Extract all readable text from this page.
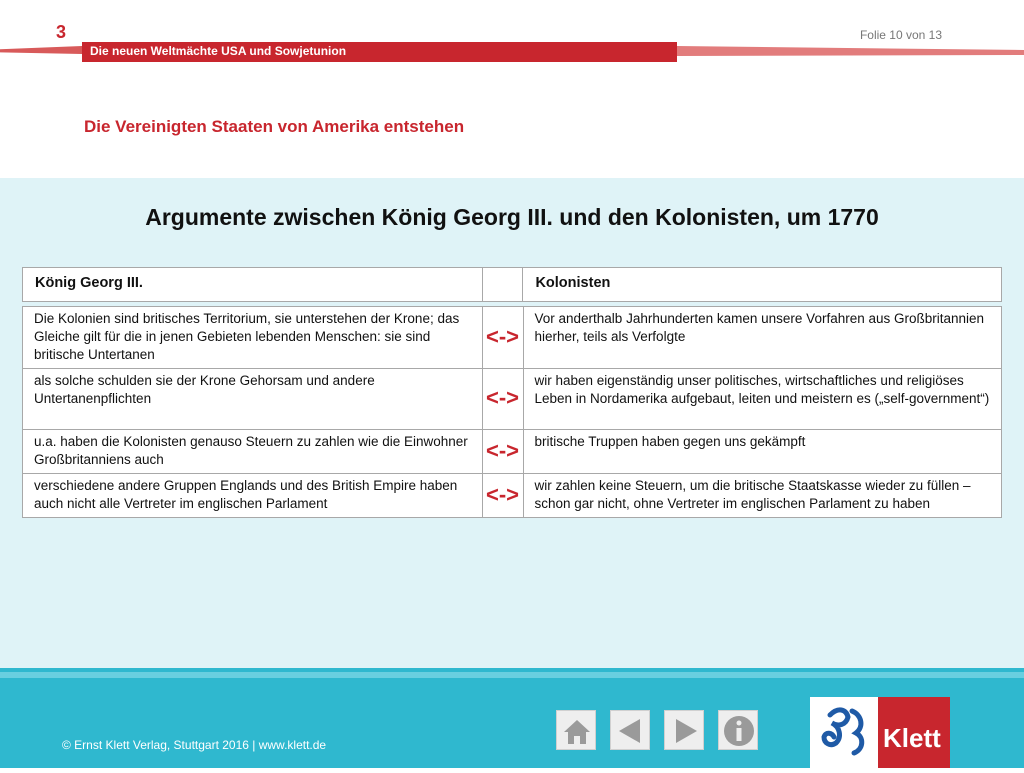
3	Folie 10 von 13
Die neuen Weltmächte USA und Sowjetunion
Die Vereinigten Staaten von Amerika entstehen
Argumente zwischen König Georg III. und den Kolonisten, um 1770
König Georg III.		Kolonisten
Die Kolonien sind britisches Territorium, sie unterstehen der Krone; das Gleiche gilt für die in jenen Gebieten lebenden Menschen: sie sind britische Untertanen	<->	Vor anderthalb Jahrhunderten kamen unsere Vorfahren aus Großbritannien hierher, teils als Verfolgte
als solche schulden sie der Krone Gehorsam und andere Untertanenpflichten	<->	wir haben eigenständig unser politisches, wirtschaftliches und religiöses Leben in Nordamerika aufgebaut, leiten und meistern es („self-government“)
u.a. haben die Kolonisten genauso Steuern zu zahlen wie die Einwohner Großbritanniens auch	<->	britische Truppen haben gegen uns gekämpft
verschiedene andere Gruppen Englands und des British Empire haben auch nicht alle Vertreter im englischen Parlament	<->	wir zahlen keine Steuern, um die britische Staatskasse wieder zu füllen – schon gar nicht, ohne Vertreter im englischen Parlament zu haben
© Ernst Klett Verlag, Stuttgart 2016 | www.klett.de	Klett
